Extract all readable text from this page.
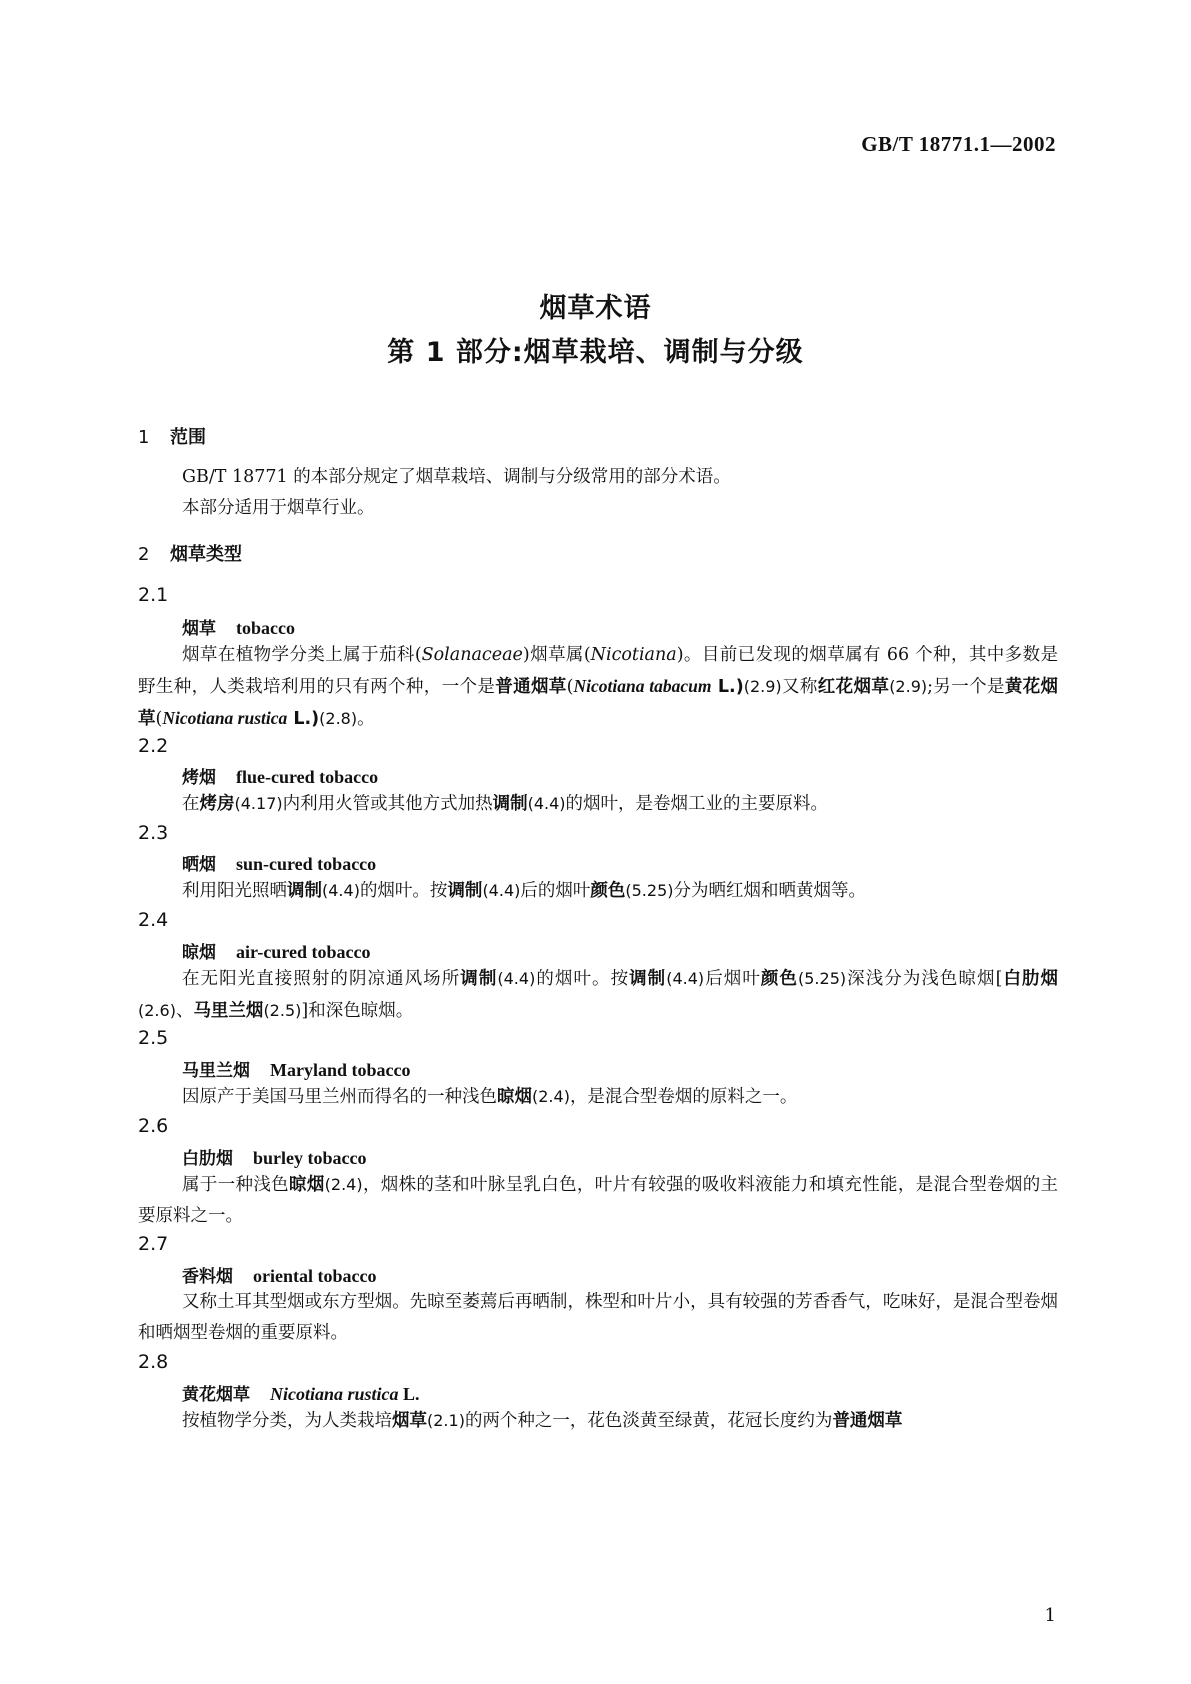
GB/T 18771.1—2002
烟草术语
第 1 部分:烟草栽培、调制与分级
1 范围
GB/T 18771 的本部分规定了烟草栽培、调制与分级常用的部分术语。
本部分适用于烟草行业。
2 烟草类型
2.1
烟草 tobacco
烟草在植物学分类上属于茄科(Solanaceae)烟草属(Nicotiana)。目前已发现的烟草属有 66 个种，其中多数是野生种，人类栽培利用的只有两个种，一个是普通烟草(Nicotiana tabacum L.)(2.9)又称红花烟草(2.9);另一个是黄花烟草(Nicotiana rustica L.)(2.8)。
2.2
烤烟 flue-cured tobacco
在烤房(4.17)内利用火管或其他方式加热调制(4.4)的烟叶，是卷烟工业的主要原料。
2.3
晒烟 sun-cured tobacco
利用阳光照晒调制(4.4)的烟叶。按调制(4.4)后的烟叶颜色(5.25)分为晒红烟和晒黄烟等。
2.4
晾烟 air-cured tobacco
在无阳光直接照射的阴凉通风场所调制(4.4)的烟叶。按调制(4.4)后烟叶颜色(5.25)深浅分为浅色晾烟[白肋烟(2.6)、马里兰烟(2.5)]和深色晾烟。
2.5
马里兰烟 Maryland tobacco
因原产于美国马里兰州而得名的一种浅色晾烟(2.4)，是混合型卷烟的原料之一。
2.6
白肋烟 burley tobacco
属于一种浅色晾烟(2.4)，烟株的茎和叶脉呈乳白色，叶片有较强的吸收料液能力和填充性能，是混合型卷烟的主要原料之一。
2.7
香料烟 oriental tobacco
又称土耳其型烟或东方型烟。先晾至萎蔫后再晒制，株型和叶片小，具有较强的芳香香气，吃味好，是混合型卷烟和晒烟型卷烟的重要原料。
2.8
黄花烟草 Nicotiana rustica L.
按植物学分类，为人类栽培烟草(2.1)的两个种之一，花色淡黄至绿黄，花冠长度约为普通烟草
1
